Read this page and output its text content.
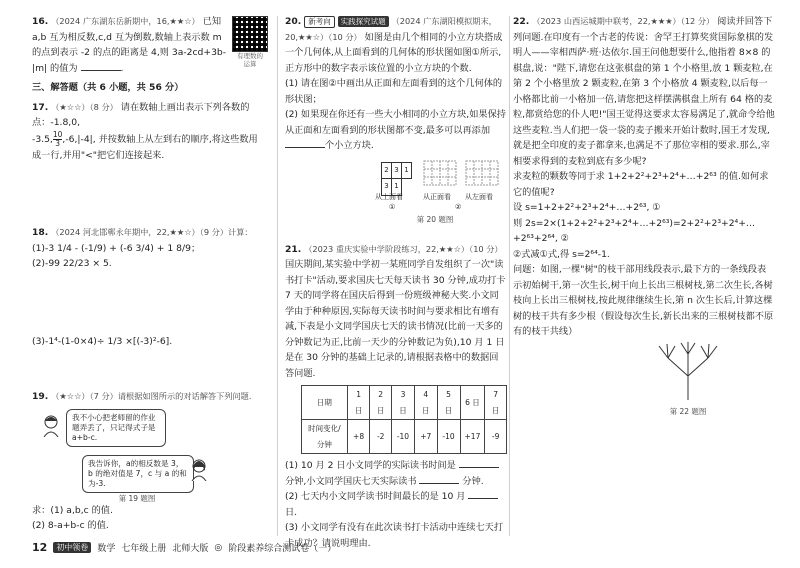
16. （2024 广东湖东岳新期中，16,★★☆） 已知 a,b 互为相反数,c,d 互为倒数,数轴上表示数 m 的点到表示 -2 的点的距离是 4,则 3a-2cd+3b-|m| 的值为	.
有理数的运算
三、解答题（共 6 小题，共 56 分）
17. （★☆☆）（8 分） 请在数轴上画出表示下列各数的点：-1.8,0,
-3.5, $\frac{10}{3} ,-6,|-4|$, 并按数轴上从左到右的顺序,将这些数用 成一行,并用"<"把它们连接起来.
18. （2024 河北邯郸永年期中，22,★★☆）（9 分）计算：
(1)-3 1/4 - (-1/9) + (-6 3/4) + 1 8/9；  (2)-99 22/23 × 5.
(3)-1⁴-(1-0×4)÷ 1/3 ×[(-3)²-6].
19. （★☆☆）（7 分）请根据如图所示的对话解答下列问题.
我不小心把老师留的作业题弄丢了，只记得式子是 a+b-c.
我告诉你，a的相反数是 3，b 的绝对值是 7，c 与 a 的和为-3.
第 19 题图
求：(1) a,b,c 的值.
(2) 8-a+b-c 的值.
20. 新考向 实践探究试题 （2024 广东湖阳模拟期末，20,★★☆）（10 分） 如图是由几个相同的小立方块搭成一个几何体,从上面看到的几何体的形状图如图①所示,正方形中的数字表示该位置的小立方块的个数.
(1) 请在图②中画出从正面和左面看到的这个几何体的形状图；
(2) 如果现在你还有一些大小相同的小立方块,如果保持从正面和左面看到的形状图都不变,最多可以再添加 个小立方块.
2	3	1
3	1	
从上面看	从正面看 从左面看
①	②
第 20 题图
21. （2023 重庆实验中学阶段练习，22,★★☆）（10 分） 国庆期间,某实验中学初一某班同学自发组织了一次"读书打卡"活动,要求国庆七天每天读书 30 分钟,成功打卡 7 天的同学将在国庆后得到一份班级神秘大奖.小文同学由于种种原因,实际每天读书时间与要求相比有增有减,下表是小文同学国庆七天的读书情况(比前一天多的分钟数记为正,比前一天少的分钟数记为负),10 月 1 日是在 30 分钟的基础上记录的,请根据表格中的数据回答问题.
日期	1 日	2 日	3 日	4 日	5 日	6 日	7 日
时间变化/分钟	+8	-2	-10	+7	-10	+17	-9
(1) 10 月 2 日小文同学的实际读书时间是  分钟,小文同学国庆七天实际读书	分钟.
(2) 七天内小文同学读书时间最长的是 10 月  日.
(3) 小文同学有没有在此次读书打卡活动中连续七天打卡成功？请说明理由.
22. （2023 山西运城期中联考，22,★★★）（12 分） 阅读并回答下列问题.在印度有一个古老的传说：舍罕王打算奖赏国际象棋的发明人——宰相西萨·班·达依尔.国王问他想要什么,他指着 8×8 的棋盘,说："陛下,请您在这张棋盘的第 1 个小格里,放 1 颗麦粒,在第 2 个小格里放 2 颗麦粒,在第 3 个小格放 4 颗麦粒,以后每一小格都比前一小格加一倍,请您把这样摆满棋盘上所有 64 格的麦粒,都赏给您的仆人吧!"国王觉得这要求太容易满足了,就命令给他这些麦粒.当人们把一袋一袋的麦子搬来开始计数时,国王才发现,就是把全印度的麦子都拿来,也满足不了那位宰相的要求.那么,宰相要求得到的麦粒到底有多少呢?
求麦粒的颗数等同于求 1+2+2²+2³+2⁴+…+2⁶³ 的值.如何求它的值呢?
设 s=1+2+2²+2³+2⁴+…+2⁶³, ①
则 2s=2×(1+2+2²+2³+2⁴+…+2⁶³)=2+2²+2³+2⁴+…+2⁶³+2⁶⁴, ②
②式减①式,得 s=2⁶⁴-1.
问题：如图,一棵"树"的枝干部用线段表示,最下方的一条线段表示初始树干,第一次生长,树干向上长出三根树枝,第二次生长,各树枝向上长出三根树枝,按此规律继续生长,第 n 次生长后,计算这棵树的枝干共有多少根（假设每次生长,新长出来的三根树枝都不原有的枝干共线）
第 22 题图
12	初中领卷	数学 七年级上册 北师大版 ◎ 阶段素养综合测试卷（一）
